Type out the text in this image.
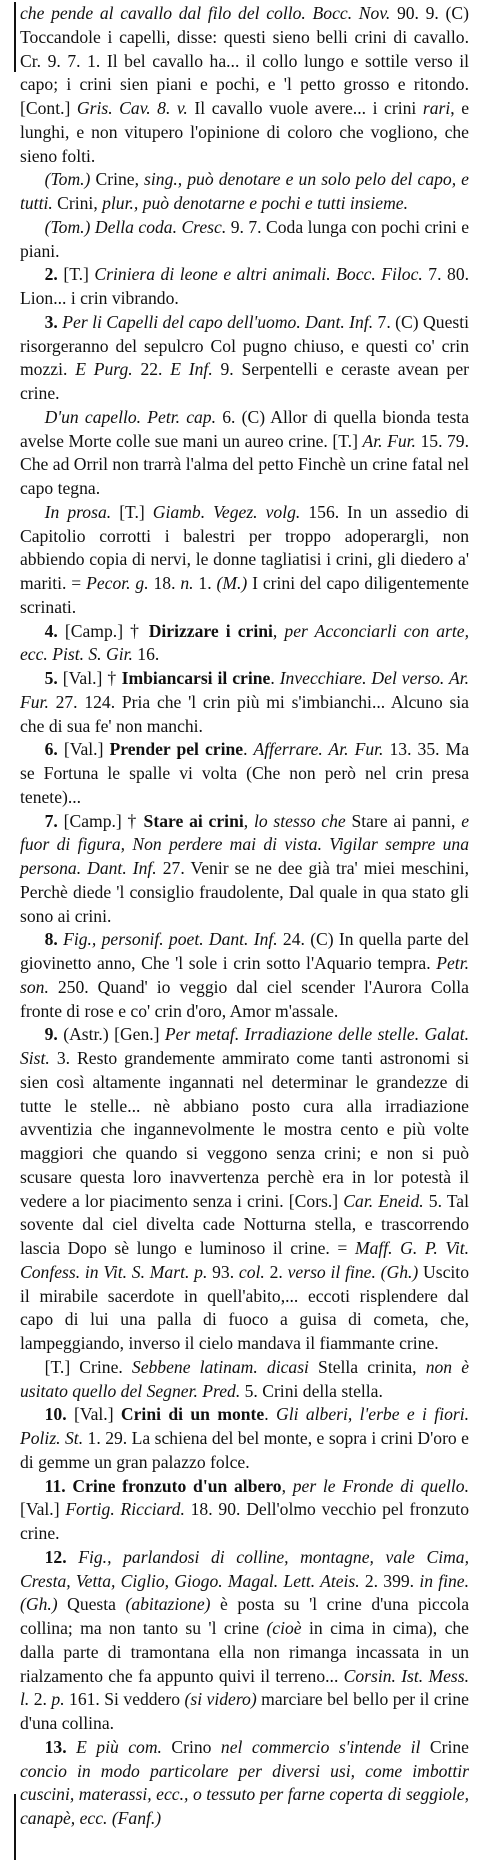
che pende al cavallo dal filo del collo. Bocc. Nov. 90. 9. (C) Toccandole i capelli, disse: questi sieno belli crini di cavallo. Cr. 9. 7. 1. Il bel cavallo ha... il collo lungo e sottile verso il capo; i crini sien piani e pochi, e 'l petto grosso e ritondo. [Cont.] Gris. Cav. 8. v. Il cavallo vuole avere... i crini rari, e lunghi, e non vitupero l'opinione di coloro che vogliono, che sieno folti.

(Tom.) Crine, sing., può denotare e un solo pelo del capo, e tutti. Crini, plur., può denotarne e pochi e tutti insieme.

(Tom.) Della coda. Cresc. 9. 7. Coda lunga con pochi crini e piani.

2. [T.] Criniera di leone e altri animali. Bocc. Filoc. 7. 80. Lion... i crin vibrando.

3. Per li Capelli del capo dell'uomo. Dant. Inf. 7. (C) Questi risorgeranno del sepulcro Col pugno chiuso, e questi co' crin mozzi. E Purg. 22. E Inf. 9. Serpentelli e ceraste avean per crine.

D'un capello. Petr. cap. 6. (C) Allor di quella bionda testa avelse Morte colle sue mani un aureo crine. [T.] Ar. Fur. 15. 79. Che ad Orril non trarrà l'alma del petto Finchè un crine fatal nel capo tegna.

In prosa. [T.] Giamb. Vegez. volg. 156. In un assedio di Capitolio corrotti i balestri per troppo adoperargli, non abbiendo copia di nervi, le donne tagliatisi i crini, gli diedero a' mariti. = Pecor. g. 18. n. 1. (M.) I crini del capo diligentemente scrinati.

4. [Camp.] † Dirizzare i crini, per Acconciarli con arte, ecc. Pist. S. Gir. 16.

5. [Val.] † Imbiancarsi il crine. Invecchiare. Del verso. Ar. Fur. 27. 124. Pria che 'l crin più mi s'imbianchi... Alcuno sia che di sua fe' non manchi.

6. [Val.] Prender pel crine. Afferrare. Ar. Fur. 13. 35. Ma se Fortuna le spalle vi volta (Che non però nel crin presa tenete)...

7. [Camp.] † Stare ai crini, lo stesso che Stare ai panni, e fuor di figura, Non perdere mai di vista. Vigilar sempre una persona. Dant. Inf. 27. Venir se ne dee già tra' miei meschini, Perchè diede 'l consiglio fraudolente, Dal quale in qua stato gli sono ai crini.

8. Fig., personif. poet. Dant. Inf. 24. (C) In quella parte del giovinetto anno, Che 'l sole i crin sotto l'Aquario tempra. Petr. son. 250. Quand' io veggio dal ciel scender l'Aurora Colla fronte di rose e co' crin d'oro, Amor m'assale.

9. (Astr.) [Gen.] Per metaf. Irradiazione delle stelle. Galat. Sist. 3. Resto grandemente ammirato come tanti astronomi si sien così altamente ingannati nel determinar le grandezze di tutte le stelle... nè abbiano posto cura alla irradiazione avventizia che ingannevolmente le mostra cento e più volte maggiori che quando si veggono senza crini; e non si può scusare questa loro inavvertenza perchè era in lor potestà il vedere a lor piacimento senza i crini. [Cors.] Car. Eneid. 5. Tal sovente dal ciel divelta cade Notturna stella, e trascorrendo lascia Dopo sè lungo e luminoso il crine. = Maff. G. P. Vit. Confess. in Vit. S. Mart. p. 93. col. 2. verso il fine. (Gh.) Uscito il mirabile sacerdote in quell'abito,... eccoti risplendere dal capo di lui una palla di fuoco a guisa di cometa, che, lampeggiando, inverso il cielo mandava il fiammante crine.

[T.] Crine. Sebbene latinam. dicasi Stella crinita, non è usitato quello del Segner. Pred. 5. Crini della stella.

10. [Val.] Crini di un monte. Gli alberi, l'erbe e i fiori. Poliz. St. 1. 29. La schiena del bel monte, e sopra i crini D'oro e di gemme un gran palazzo folce.

11. Crine fronzuto d'un albero, per le Fronde di quello. [Val.] Fortig. Ricciard. 18. 90. Dell'olmo vecchio pel fronzuto crine.

12. Fig., parlandosi di colline, montagne, vale Cima, Cresta, Vetta, Ciglio, Giogo. Magal. Lett. Ateis. 2. 399. in fine. (Gh.) Questa (abitazione) è posta su 'l crine d'una piccola collina; ma non tanto su 'l crine (cioè in cima in cima), che dalla parte di tramontana ella non rimanga incassata in un rialzamento che fa appunto quivi il terreno... Corsin. Ist. Mess. l. 2. p. 161. Si veddero (si videro) marciare bel bello per il crine d'una collina.

13. E più com. Crino nel commercio s'intende il Crine concio in modo particolare per diversi usi, come imbottir cuscini, materassi, ecc., o tessuto per farne coperta di seggiole, canapè, ecc. (Fanf.)
